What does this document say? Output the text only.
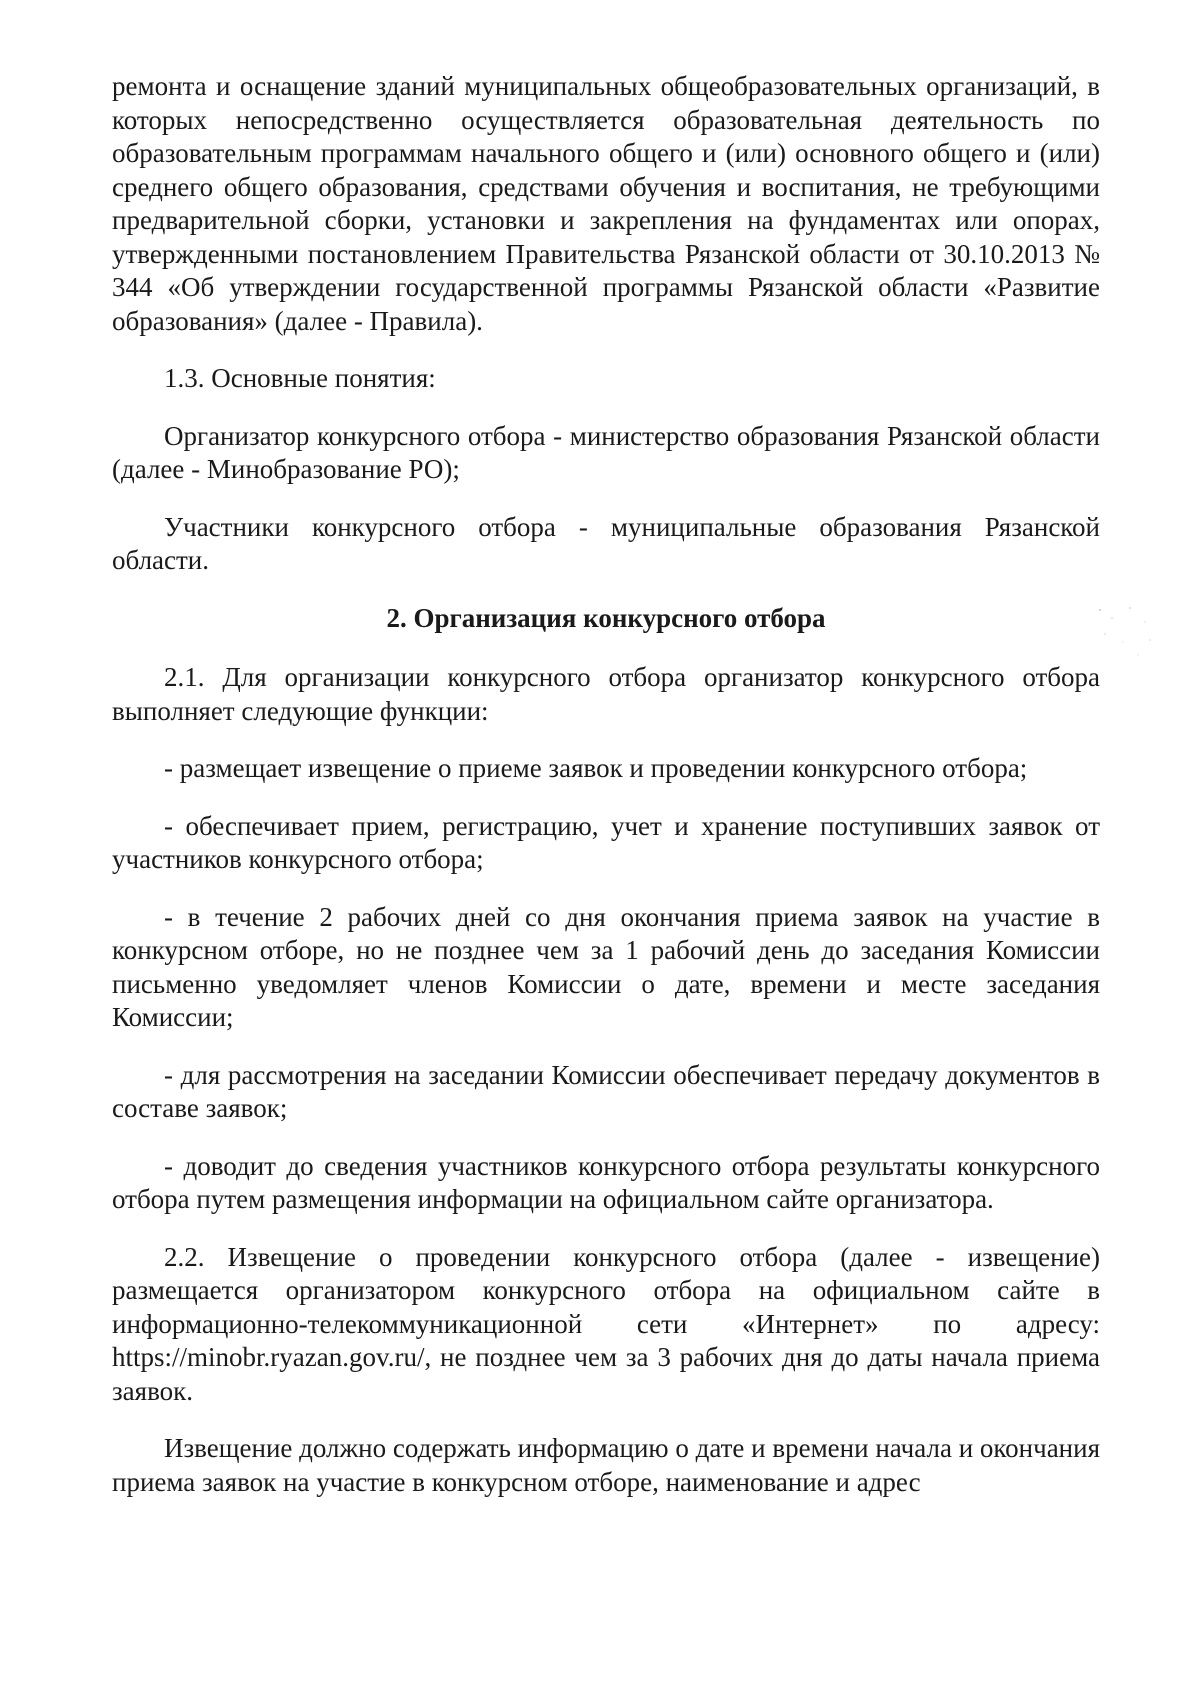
ремонта и оснащение зданий муниципальных общеобразовательных организаций, в которых непосредственно осуществляется образовательная деятельность по образовательным программам начального общего и (или) основного общего и (или) среднего общего образования, средствами обучения и воспитания, не требующими предварительной сборки, установки и закрепления на фундаментах или опорах, утвержденными постановлением Правительства Рязанской области от 30.10.2013 № 344 «Об утверждении государственной программы Рязанской области «Развитие образования» (далее - Правила).

1.3. Основные понятия:

Организатор конкурсного отбора - министерство образования Рязанской области (далее - Минобразование РО);

Участники конкурсного отбора - муниципальные образования Рязанской области.

2. Организация конкурсного отбора

2.1. Для организации конкурсного отбора организатор конкурсного отбора выполняет следующие функции:

- размещает извещение о приеме заявок и проведении конкурсного отбора;

- обеспечивает прием, регистрацию, учет и хранение поступивших заявок от участников конкурсного отбора;

- в течение 2 рабочих дней со дня окончания приема заявок на участие в конкурсном отборе, но не позднее чем за 1 рабочий день до заседания Комиссии письменно уведомляет членов Комиссии о дате, времени и месте заседания Комиссии;

- для рассмотрения на заседании Комиссии обеспечивает передачу документов в составе заявок;

- доводит до сведения участников конкурсного отбора результаты конкурсного отбора путем размещения информации на официальном сайте организатора.

2.2. Извещение о проведении конкурсного отбора (далее - извещение) размещается организатором конкурсного отбора на официальном сайте в информационно-телекоммуникационной сети «Интернет» по адресу: https://minobr.ryazan.gov.ru/, не позднее чем за 3 рабочих дня до даты начала приема заявок.

Извещение должно содержать информацию о дате и времени начала и окончания приема заявок на участие в конкурсном отборе, наименование и адрес
